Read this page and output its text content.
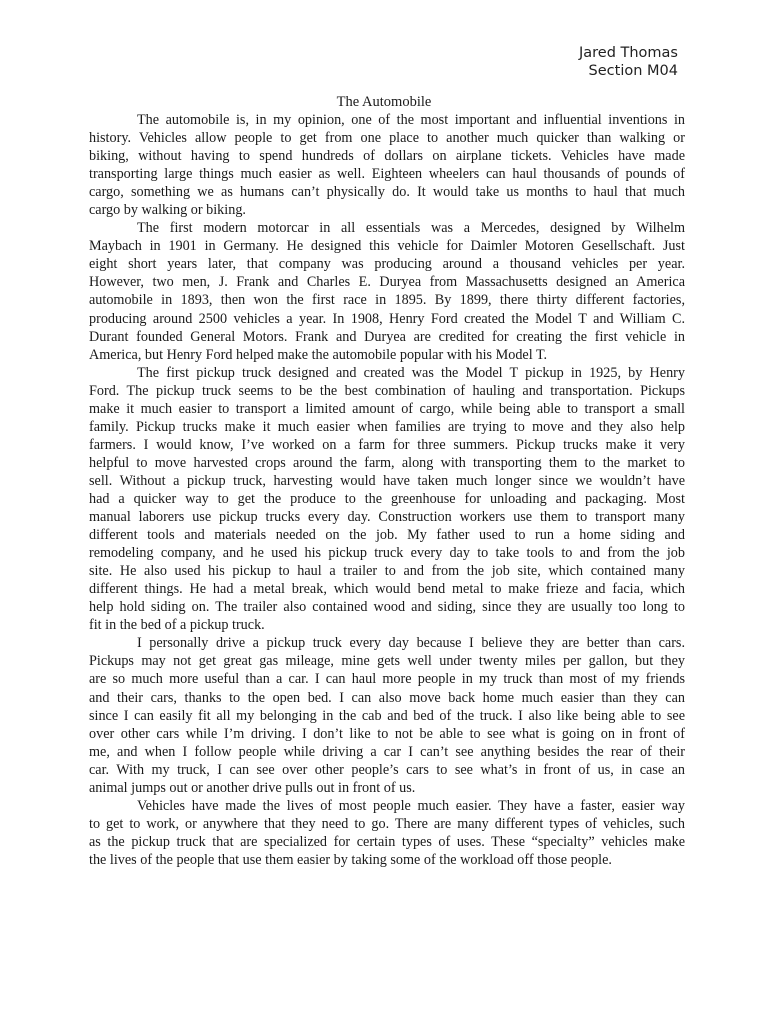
Jared Thomas
Section M04
The Automobile
The automobile is, in my opinion, one of the most important and influential inventions in
history. Vehicles allow people to get from one place to another much quicker than walking or
biking, without having to spend hundreds of dollars on airplane tickets. Vehicles have made
transporting large things much easier as well. Eighteen wheelers can haul thousands of pounds of
cargo, something we as humans can’t physically do. It would take us months to haul that much
cargo by walking or biking.
The first modern motorcar in all essentials was a Mercedes, designed by Wilhelm
Maybach in 1901 in Germany. He designed this vehicle for Daimler Motoren Gesellschaft. Just
eight short years later, that company was producing around a thousand vehicles per year.
However, two men, J. Frank and Charles E. Duryea from Massachusetts designed an America
automobile in 1893, then won the first race in 1895. By 1899, there thirty different factories,
producing around 2500 vehicles a year. In 1908, Henry Ford created the Model T and William C.
Durant founded General Motors. Frank and Duryea are credited for creating the first vehicle in
America, but Henry Ford helped make the automobile popular with his Model T.
The first pickup truck designed and created was the Model T pickup in 1925, by Henry
Ford. The pickup truck seems to be the best combination of hauling and transportation. Pickups
make it much easier to transport a limited amount of cargo, while being able to transport a small
family. Pickup trucks make it much easier when families are trying to move and they also help
farmers. I would know, I’ve worked on a farm for three summers. Pickup trucks make it very
helpful to move harvested crops around the farm, along with transporting them to the market to
sell. Without a pickup truck, harvesting would have taken much longer since we wouldn’t have
had a quicker way to get the produce to the greenhouse for unloading and packaging. Most
manual laborers use pickup trucks every day. Construction workers use them to transport many
different tools and materials needed on the job. My father used to run a home siding and
remodeling company, and he used his pickup truck every day to take tools to and from the job
site. He also used his pickup to haul a trailer to and from the job site, which contained many
different things. He had a metal break, which would bend metal to make frieze and facia, which
help hold siding on. The trailer also contained wood and siding, since they are usually too long to
fit in the bed of a pickup truck.
I personally drive a pickup truck every day because I believe they are better than cars.
Pickups may not get great gas mileage, mine gets well under twenty miles per gallon, but they
are so much more useful than a car. I can haul more people in my truck than most of my friends
and their cars, thanks to the open bed. I can also move back home much easier than they can
since I can easily fit all my belonging in the cab and bed of the truck. I also like being able to see
over other cars while I’m driving. I don’t like to not be able to see what is going on in front of
me, and when I follow people while driving a car I can’t see anything besides the rear of their
car. With my truck, I can see over other people’s cars to see what’s in front of us, in case an
animal jumps out or another drive pulls out in front of us.
Vehicles have made the lives of most people much easier. They have a faster, easier way
to get to work, or anywhere that they need to go. There are many different types of vehicles, such
as the pickup truck that are specialized for certain types of uses. These “specialty” vehicles make
the lives of the people that use them easier by taking some of the workload off those people.
